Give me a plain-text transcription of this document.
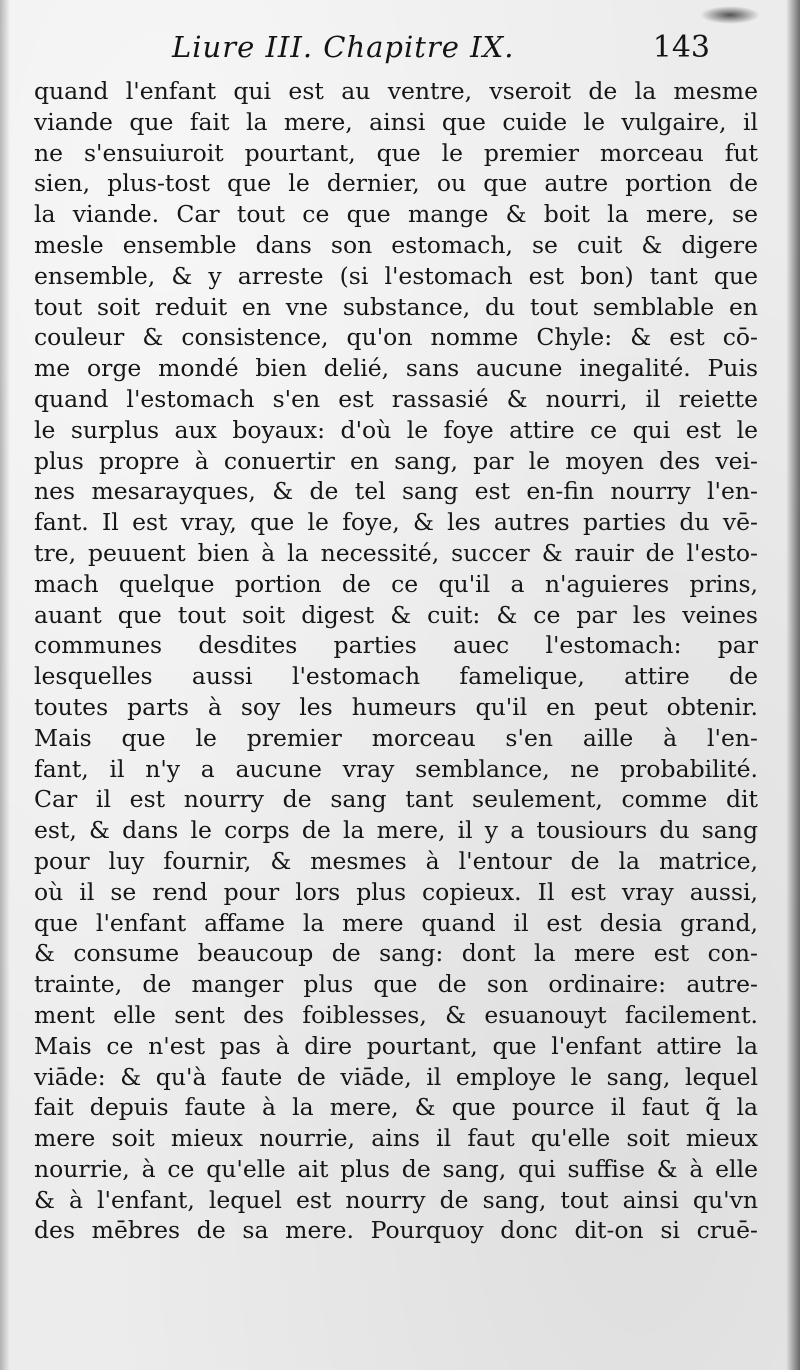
Liure III. Chapitre IX.	143
quand l'enfant qui est au ventre, vseroit de la mesme
viande que fait la mere, ainsi que cuide le vulgaire, il
ne s'ensuiuroit pourtant, que le premier morceau fut
sien, plus-tost que le dernier, ou que autre portion de
la viande. Car tout ce que mange & boit la mere, se
mesle ensemble dans son estomach, se cuit & digere
ensemble, & y arreste (si l'estomach est bon) tant que
tout soit reduit en vne substance, du tout semblable en
couleur & consistence, qu'on nomme Chyle: & est cō-
me orge mondé bien delié, sans aucune inegalité. Puis
quand l'estomach s'en est rassasié & nourri, il reiette
le surplus aux boyaux: d'où le foye attire ce qui est le
plus propre à conuertir en sang, par le moyen des vei-
nes mesarayques, & de tel sang est en-fin nourry l'en-
fant. Il est vray, que le foye, & les autres parties du vē-
tre, peuuent bien à la necessité, succer & rauir de l'esto-
mach quelque portion de ce qu'il a n'aguieres prins,
auant que tout soit digest & cuit: & ce par les veines
communes desdites parties auec l'estomach: par
lesquelles aussi l'estomach famelique, attire de
toutes parts à soy les humeurs qu'il en peut obtenir.
Mais que le premier morceau s'en aille à l'en-
fant, il n'y a aucune vray semblance, ne probabilité.
Car il est nourry de sang tant seulement, comme dit
est, & dans le corps de la mere, il y a tousiours du sang
pour luy fournir, & mesmes à l'entour de la matrice,
où il se rend pour lors plus copieux. Il est vray aussi,
que l'enfant affame la mere quand il est desia grand,
& consume beaucoup de sang: dont la mere est con-
trainte, de manger plus que de son ordinaire: autre-
ment elle sent des foiblesses, & esuanouyt facilement.
Mais ce n'est pas à dire pourtant, que l'enfant attire la
viāde: & qu'à faute de viāde, il employe le sang, lequel
fait depuis faute à la mere, & que pource il faut q̃ la
mere soit mieux nourrie, ains il faut qu'elle soit mieux
nourrie, à ce qu'elle ait plus de sang, qui suffise & à elle
& à l'enfant, lequel est nourry de sang, tout ainsi qu'vn
des mēbres de sa mere. Pourquoy donc dit-on si cruē-
